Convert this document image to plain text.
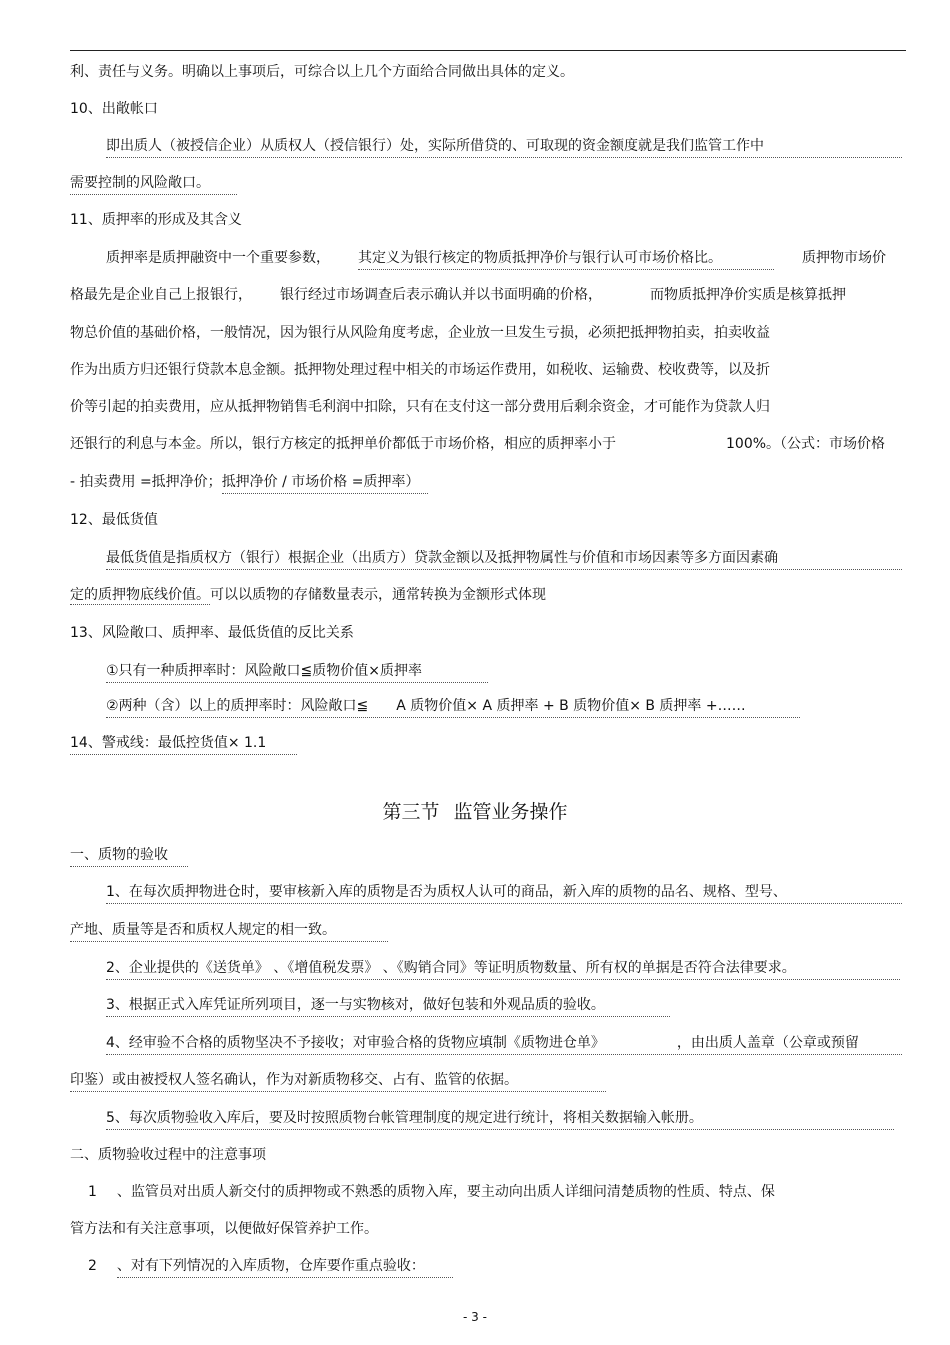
利、责任与义务。明确以上事项后，可综合以上几个方面给合同做出具体的定义。
10、出敞帐口
即出质人（被授信企业）从质权人（授信银行）处，实际所借贷的、可取现的资金额度就是我们监管工作中
需要控制的风险敞口。
11、质押率的形成及其含义
质押率是质押融资中一个重要参数， 其定义为银行核定的物质抵押净价与银行认可市场价格比。	质押物市场价
格最先是企业自己上报银行， 银行经过市场调查后表示确认并以书面明确的价格，	而物质抵押净价实质是核算抵押
物总价值的基础价格，一般情况，因为银行从风险角度考虑，企业放一旦发生亏损，必须把抵押物拍卖，拍卖收益
作为出质方归还银行贷款本息金额。抵押物处理过程中相关的市场运作费用，如税收、运输费、校收费等，以及折
价等引起的拍卖费用，应从抵押物销售毛利润中扣除，只有在支付这一部分费用后剩余资金，才可能作为贷款人归
还银行的利息与本金。所以，银行方核定的抵押单价都低于市场价格，相应的质押率小于	100%。（公式：市场价格
- 拍卖费用 =抵押净价；抵押净价 / 市场价格 =质押率）
12、最低货值
最低货值是指质权方（银行）根据企业（出质方）贷款金额以及抵押物属性与价值和市场因素等多方面因素确
定的质押物底线价值。可以以质物的存储数量表示，通常转换为金额形式体现
13、风险敞口、质押率、最低货值的反比关系
①只有一种质押率时：风险敞口≦质物价值×质押率
②两种（含）以上的质押率时：风险敞口≦ A 质物价值× A 质押率 + B 质物价值× B 质押率 +……
14、警戒线：最低控货值× 1.1
第三节 监管业务操作
一、质物的验收
1、在每次质押物进仓时，要审核新入库的质物是否为质权人认可的商品，新入库的质物的品名、规格、型号、
产地、质量等是否和质权人规定的相一致。
2、企业提供的《送货单》 、《增值税发票》 、《购销合同》等证明质物数量、所有权的单据是否符合法律要求。
3、根据正式入库凭证所列项目，逐一与实物核对，做好包装和外观品质的验收。
4、经审验不合格的质物坚决不予接收；对审验合格的货物应填制《质物进仓单》	，由出质人盖章（公章或预留
印鉴）或由被授权人签名确认，作为对新质物移交、占有、监管的依据。
5、每次质物验收入库后，要及时按照质物台帐管理制度的规定进行统计，将相关数据输入帐册。
二、质物验收过程中的注意事项
1 、监管员对出质人新交付的质押物或不熟悉的质物入库，要主动向出质人详细问清楚质物的性质、特点、保
管方法和有关注意事项，以便做好保管养护工作。
2 、对有下列情况的入库质物，仓库要作重点验收：
- 3 -
